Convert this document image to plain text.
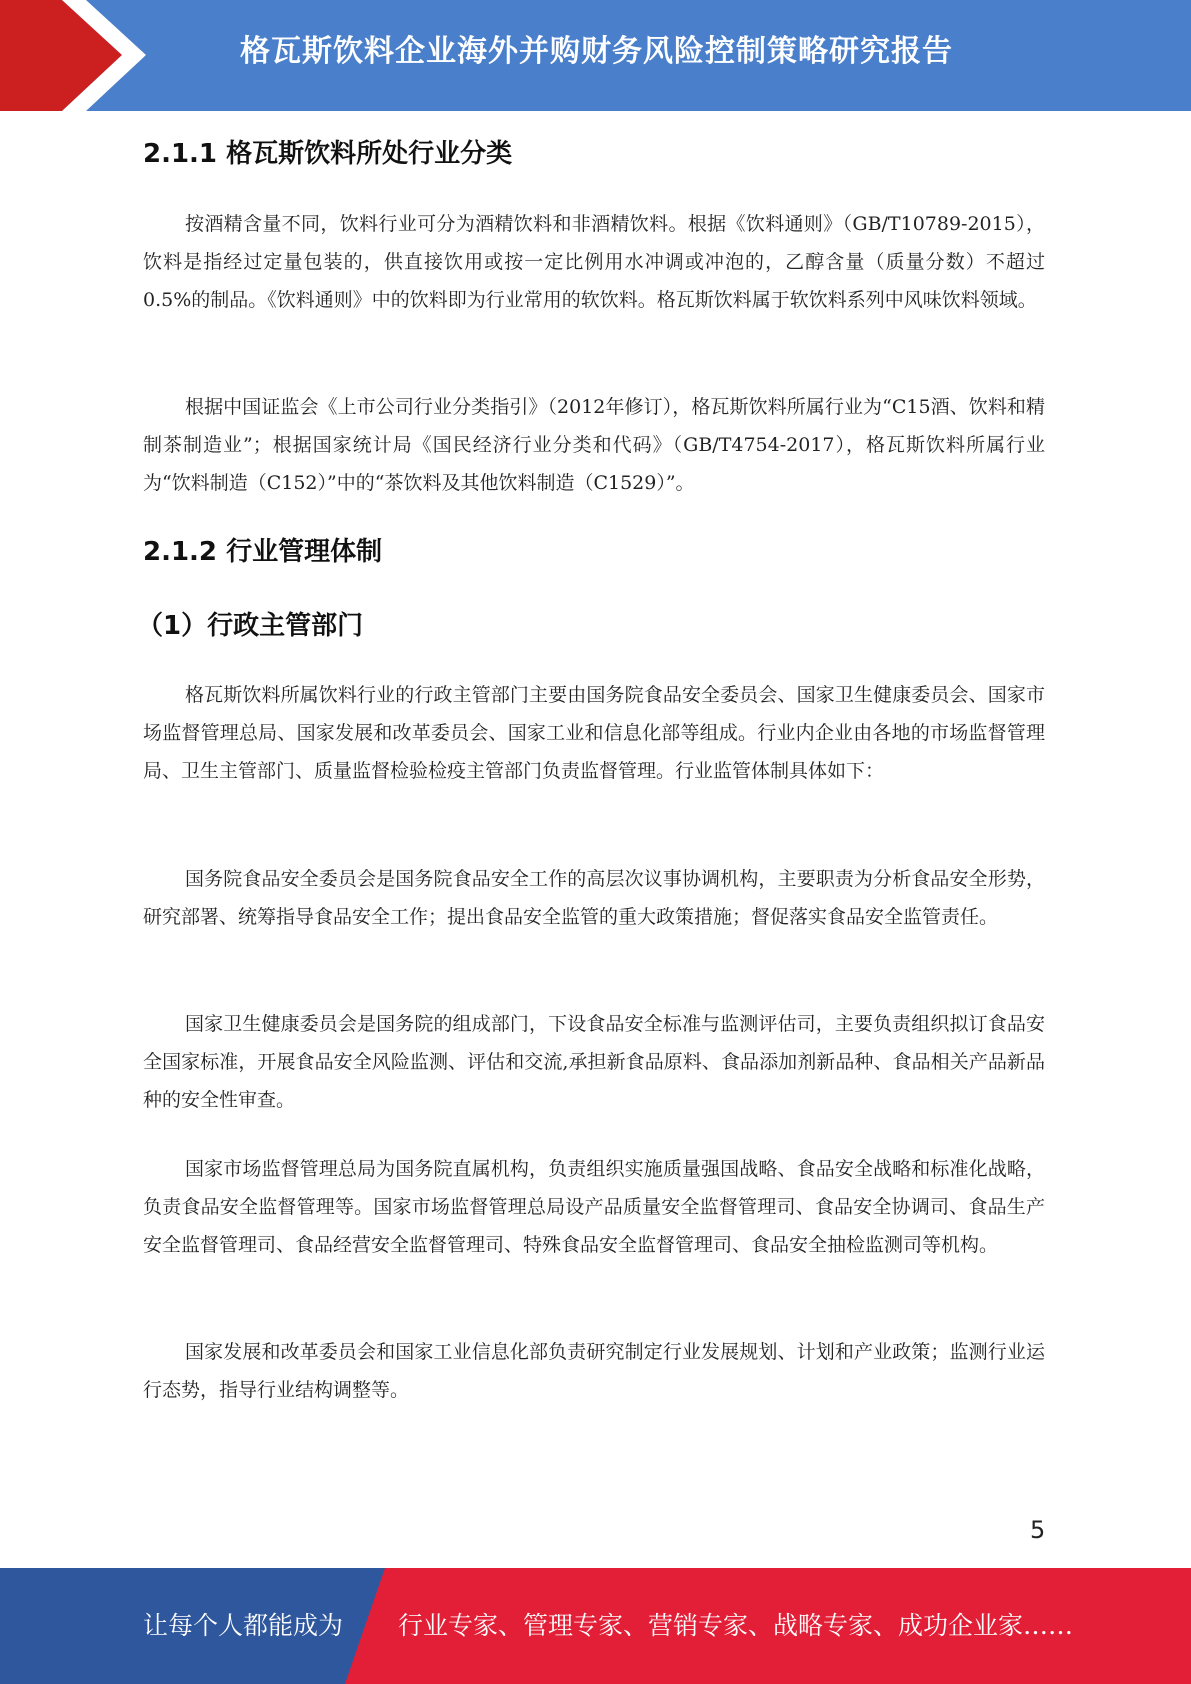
格瓦斯饮料企业海外并购财务风险控制策略研究报告
2.1.1 格瓦斯饮料所处行业分类

按酒精含量不同，饮料行业可分为酒精饮料和非酒精饮料。根据《饮料通则》（GB/T10789-2015），饮料是指经过定量包装的，供直接饮用或按一定比例用水冲调或冲泡的，乙醇含量（质量分数）不超过0.5%的制品。《饮料通则》中的饮料即为行业常用的软饮料。格瓦斯饮料属于软饮料系列中风味饮料领域。

根据中国证监会《上市公司行业分类指引》（2012年修订），格瓦斯饮料所属行业为“C15酒、饮料和精制茶制造业”；根据国家统计局《国民经济行业分类和代码》（GB/T4754-2017），格瓦斯饮料所属行业为“饮料制造（C152）”中的“茶饮料及其他饮料制造（C1529）”。

2.1.2 行业管理体制
（1）行政主管部门

格瓦斯饮料所属饮料行业的行政主管部门主要由国务院食品安全委员会、国家卫生健康委员会、国家市场监督管理总局、国家发展和改革委员会、国家工业和信息化部等组成。行业内企业由各地的市场监督管理局、卫生主管部门、质量监督检验检疫主管部门负责监督管理。行业监管体制具体如下：

国务院食品安全委员会是国务院食品安全工作的高层次议事协调机构，主要职责为分析食品安全形势，研究部署、统筹指导食品安全工作；提出食品安全监管的重大政策措施；督促落实食品安全监管责任。

国家卫生健康委员会是国务院的组成部门，下设食品安全标准与监测评估司，主要负责组织拟订食品安全国家标准，开展食品安全风险监测、评估和交流,承担新食品原料、食品添加剂新品种、食品相关产品新品种的安全性审查。

国家市场监督管理总局为国务院直属机构，负责组织实施质量强国战略、食品安全战略和标准化战略，负责食品安全监督管理等。国家市场监督管理总局设产品质量安全监督管理司、食品安全协调司、食品生产安全监督管理司、食品经营安全监督管理司、特殊食品安全监督管理司、食品安全抽检监测司等机构。

国家发展和改革委员会和国家工业信息化部负责研究制定行业发展规划、计划和产业政策；监测行业运行态势，指导行业结构调整等。

5
让每个人都能成为 行业专家、管理专家、营销专家、战略专家、成功企业家……
